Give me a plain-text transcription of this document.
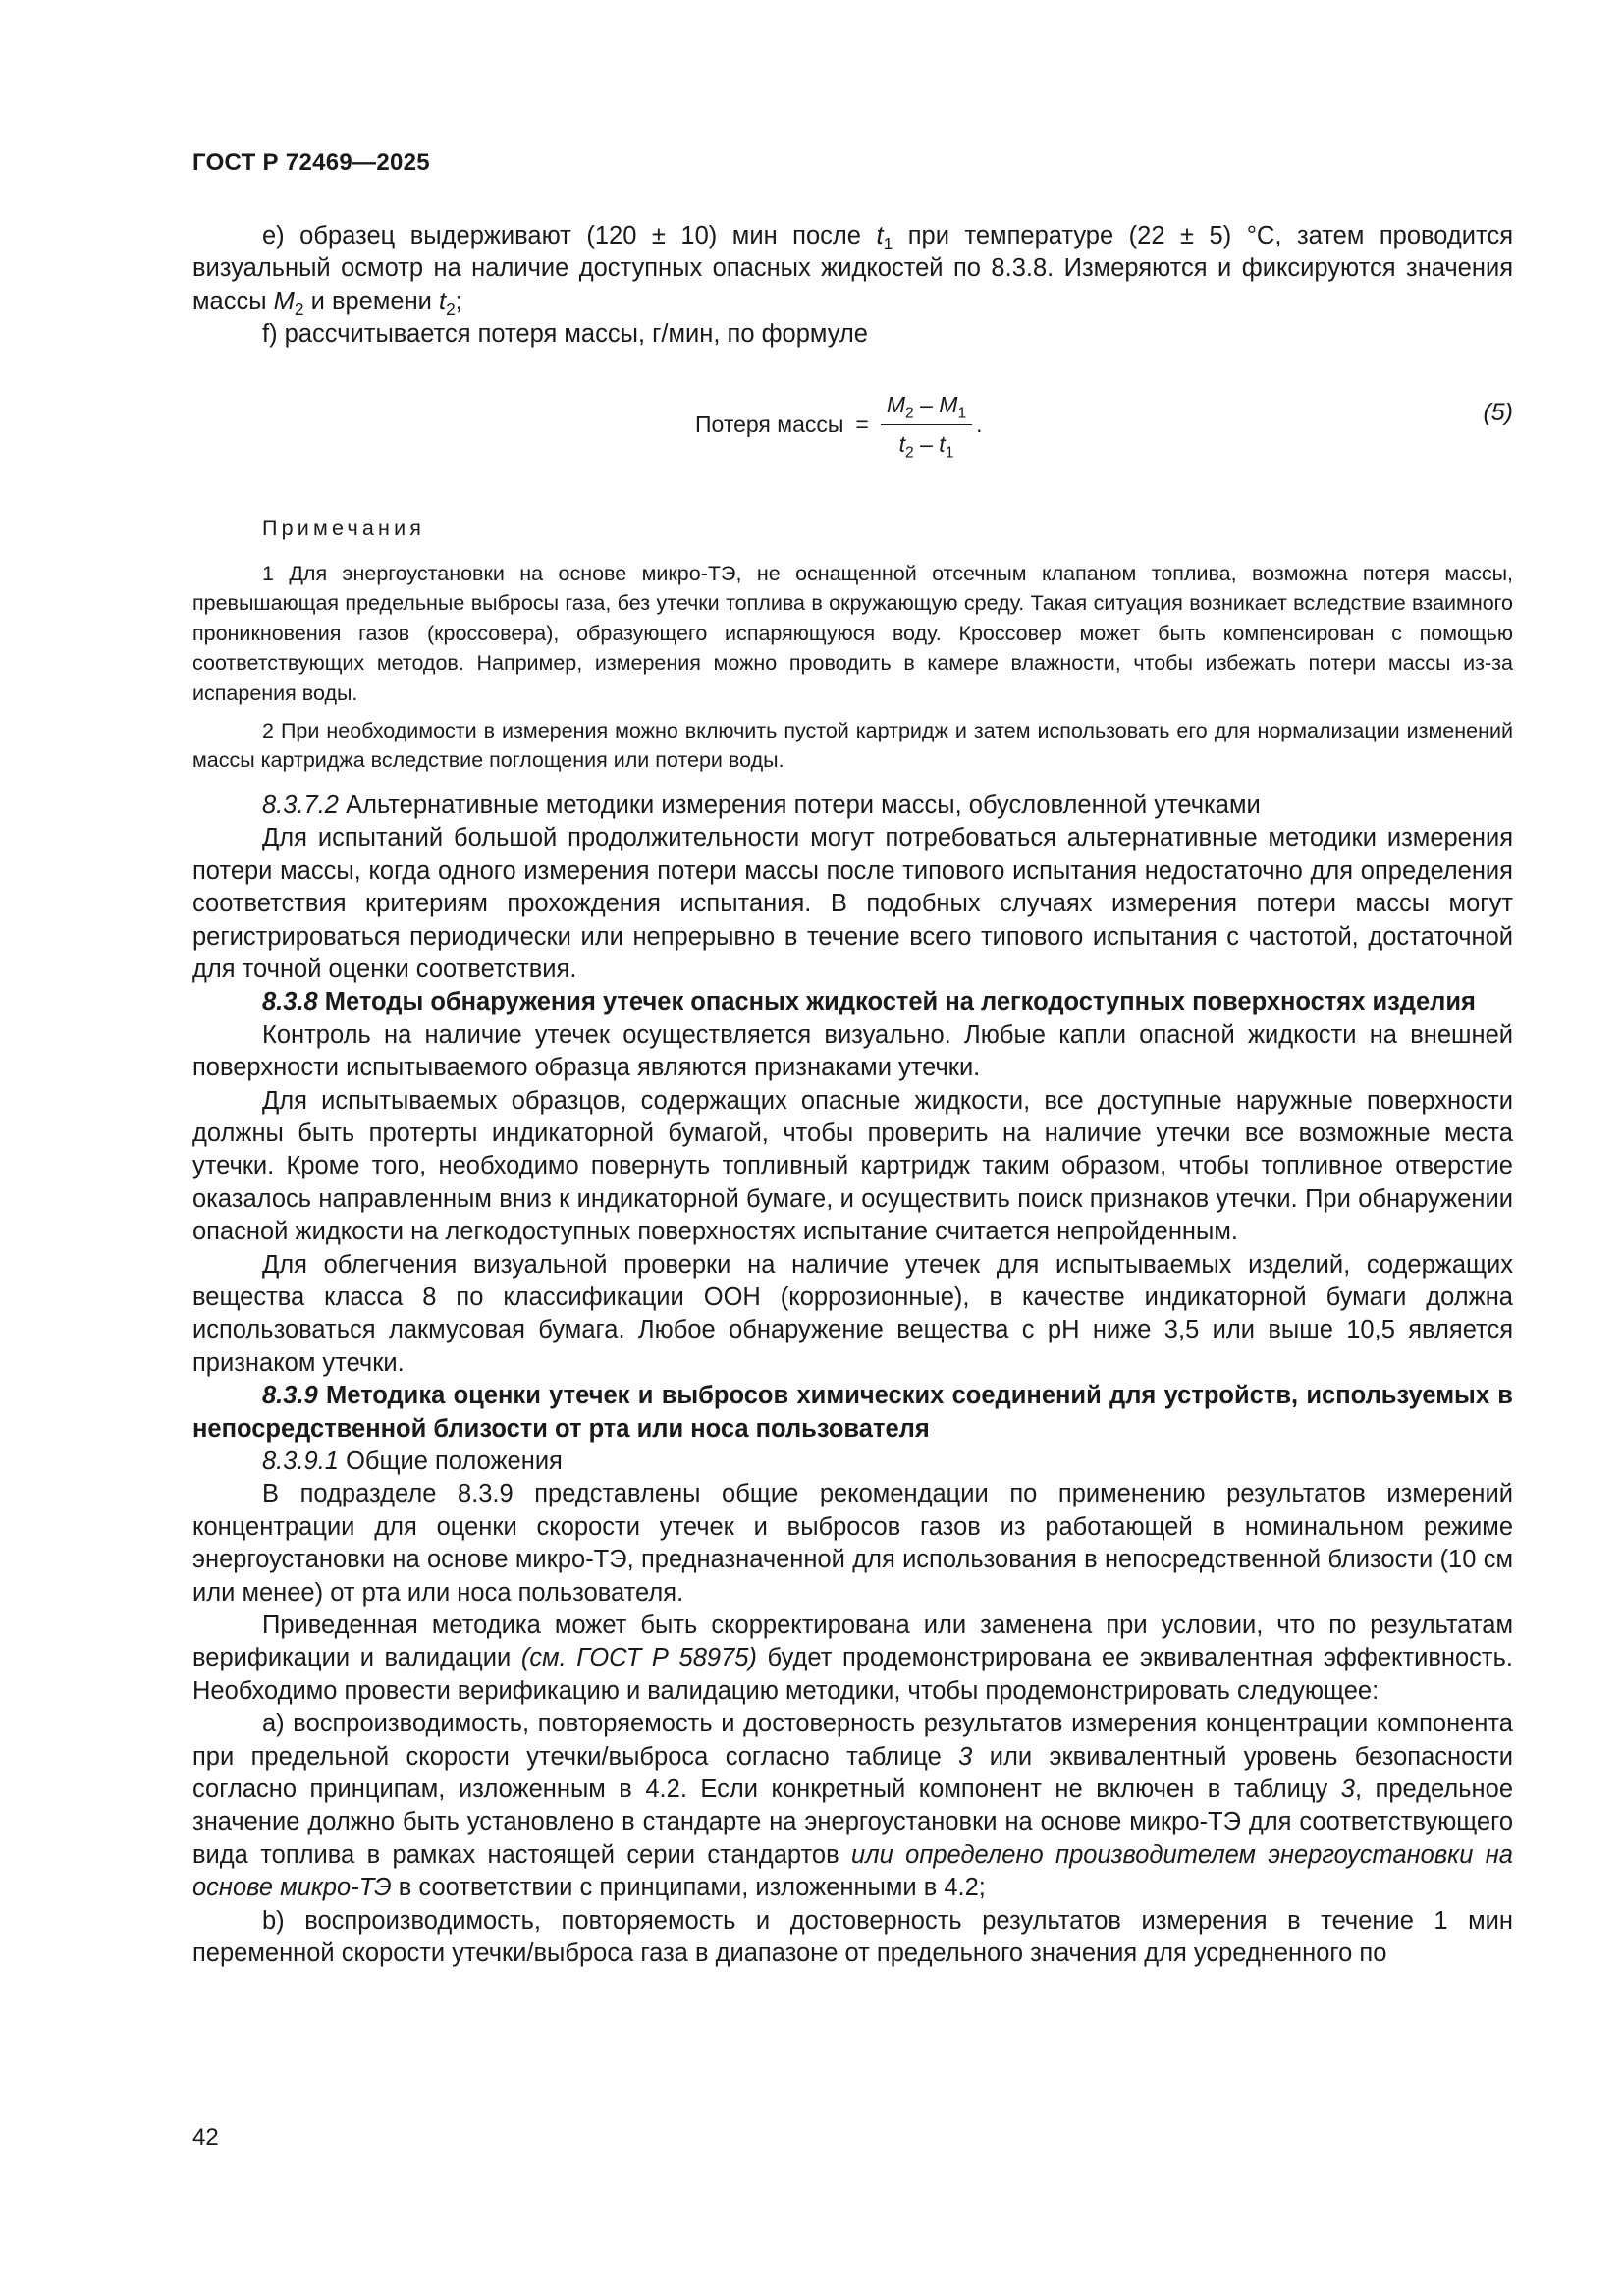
ГОСТ Р 72469—2025

е) образец выдерживают (120 ± 10) мин после $t_1$ при температуре (22 ± 5) °С, затем проводится визуальный осмотр на наличие доступных опасных жидкостей по 8.3.8. Измеряются и фиксируются значения массы $M_2$ и времени $t_2$;

f) рассчитывается потеря массы, г/мин, по формуле

Потеря массы = $\frac{M_2 - M_1}{t_2 - t_1}$ .	(5)
Примечания

1 Для энергоустановки на основе микро-ТЭ, не оснащенной отсечным клапаном топлива, возможна потеря массы, превышающая предельные выбросы газа, без утечки топлива в окружающую среду. Такая ситуация возникает вследствие взаимного проникновения газов (кроссовера), образующего испаряющуюся воду. Кроссовер может быть компенсирован с помощью соответствующих методов. Например, измерения можно проводить в камере влажности, чтобы избежать потери массы из-за испарения воды.

2 При необходимости в измерения можно включить пустой картридж и затем использовать его для нормализации изменений массы картриджа вследствие поглощения или потери воды.

8.3.7.2 Альтернативные методики измерения потери массы, обусловленной утечками

Для испытаний большой продолжительности могут потребоваться альтернативные методики измерения потери массы, когда одного измерения потери массы после типового испытания недостаточно для определения соответствия критериям прохождения испытания. В подобных случаях измерения потери массы могут регистрироваться периодически или непрерывно в течение всего типового испытания с частотой, достаточной для точной оценки соответствия.

8.3.8 Методы обнаружения утечек опасных жидкостей на легкодоступных поверхностях изделия

Контроль на наличие утечек осуществляется визуально. Любые капли опасной жидкости на внешней поверхности испытываемого образца являются признаками утечки.

Для испытываемых образцов, содержащих опасные жидкости, все доступные наружные поверхности должны быть протерты индикаторной бумагой, чтобы проверить на наличие утечки все возможные места утечки. Кроме того, необходимо повернуть топливный картридж таким образом, чтобы топливное отверстие оказалось направленным вниз к индикаторной бумаге, и осуществить поиск признаков утечки. При обнаружении опасной жидкости на легкодоступных поверхностях испытание считается непройденным.

Для облегчения визуальной проверки на наличие утечек для испытываемых изделий, содержащих вещества класса 8 по классификации ООН (коррозионные), в качестве индикаторной бумаги должна использоваться лакмусовая бумага. Любое обнаружение вещества с pH ниже 3,5 или выше 10,5 является признаком утечки.

8.3.9 Методика оценки утечек и выбросов химических соединений для устройств, используемых в непосредственной близости от рта или носа пользователя

8.3.9.1 Общие положения

В подразделе 8.3.9 представлены общие рекомендации по применению результатов измерений концентрации для оценки скорости утечек и выбросов газов из работающей в номинальном режиме энергоустановки на основе микро-ТЭ, предназначенной для использования в непосредственной близости (10 см или менее) от рта или носа пользователя.

Приведенная методика может быть скорректирована или заменена при условии, что по результатам верификации и валидации (см. ГОСТ Р 58975) будет продемонстрирована ее эквивалентная эффективность. Необходимо провести верификацию и валидацию методики, чтобы продемонстрировать следующее:

а) воспроизводимость, повторяемость и достоверность результатов измерения концентрации компонента при предельной скорости утечки/выброса согласно таблице 3 или эквивалентный уровень безопасности согласно принципам, изложенным в 4.2. Если конкретный компонент не включен в таблицу 3, предельное значение должно быть установлено в стандарте на энергоустановки на основе микро-ТЭ для соответствующего вида топлива в рамках настоящей серии стандартов или определено производителем энергоустановки на основе микро-ТЭ в соответствии с принципами, изложенными в 4.2;

b) воспроизводимость, повторяемость и достоверность результатов измерения в течение 1 мин переменной скорости утечки/выброса газа в диапазоне от предельного значения для усредненного по

42
